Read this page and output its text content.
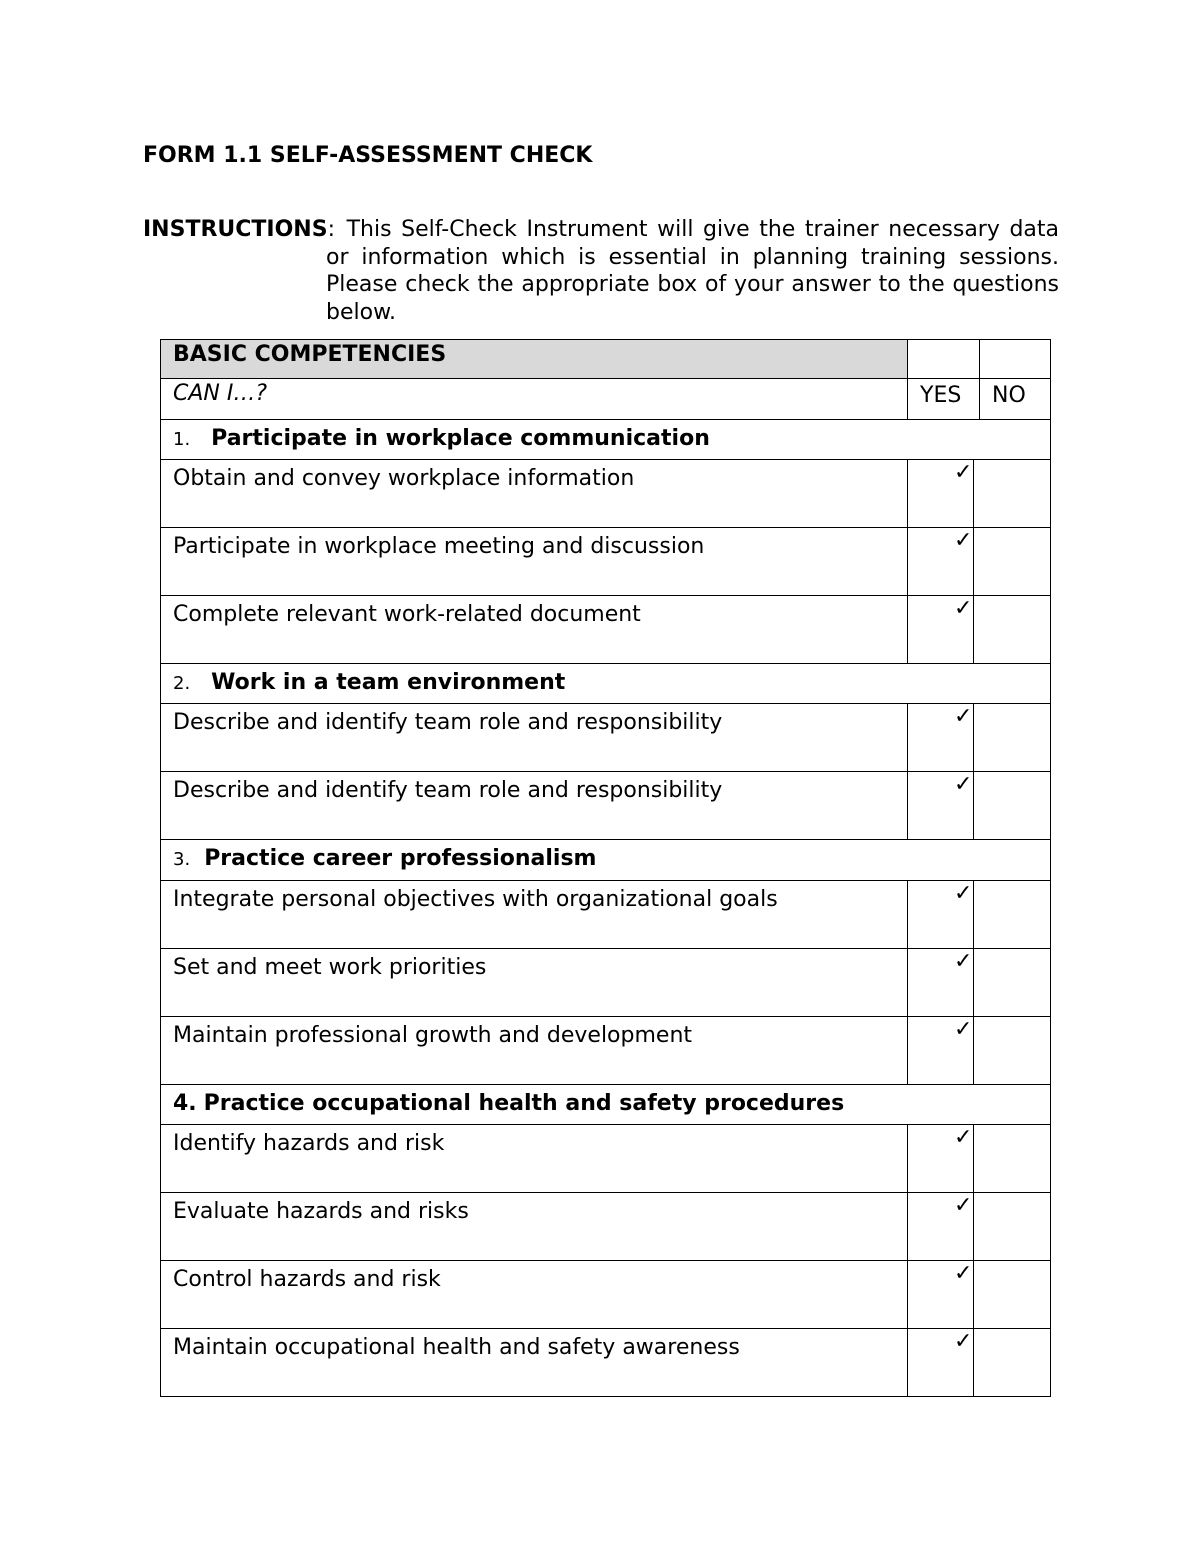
FORM 1.1 SELF-ASSESSMENT CHECK
INSTRUCTIONS: This Self-Check Instrument will give the trainer necessary data or information which is essential in planning training sessions. Please check the appropriate box of your answer to the questions below.
BASIC COMPETENCIES
CAN I…?	YES NO
1. Participate in workplace communication
Obtain and convey workplace information	✓
Participate in workplace meeting and discussion	✓
Complete relevant work-related document	✓
2. Work in a team environment
Describe and identify team role and responsibility	✓
Describe and identify team role and responsibility	✓
3. Practice career professionalism
Integrate personal objectives with organizational goals	✓
Set and meet work priorities	✓
Maintain professional growth and development	✓
4. Practice occupational health and safety procedures
Identify hazards and risk	✓
Evaluate hazards and risks	✓
Control hazards and risk	✓
Maintain occupational health and safety awareness	✓
